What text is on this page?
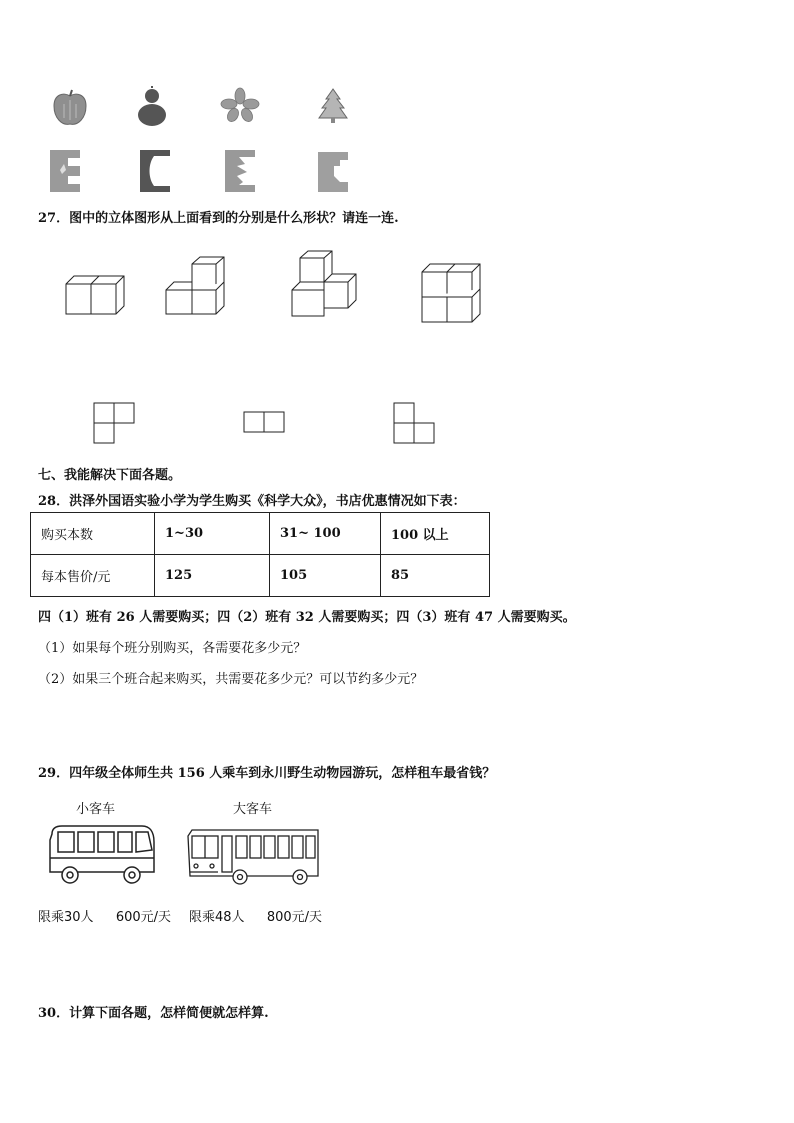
27．图中的立体图形从上面看到的分别是什么形状？请连一连.
七、我能解决下面各题。
28．洪泽外国语实验小学为学生购买《科学大众》，书店优惠情况如下表：
购买本数	1~30	31~ 100	100 以上
每本售价/元	125	105	85
四（1）班有 26 人需要购买；四（2）班有 32 人需要购买；四（3）班有 47 人需要购买。
（1）如果每个班分别购买，各需要花多少元？
（2）如果三个班合起来购买，共需要花多少元？可以节约多少元？
29．四年级全体师生共 156 人乘车到永川野生动物园游玩，怎样租车最省钱？
小客车	大客车
限乘30人 600元/天 限乘48人 800元/天
30．计算下面各题，怎样简便就怎样算.
